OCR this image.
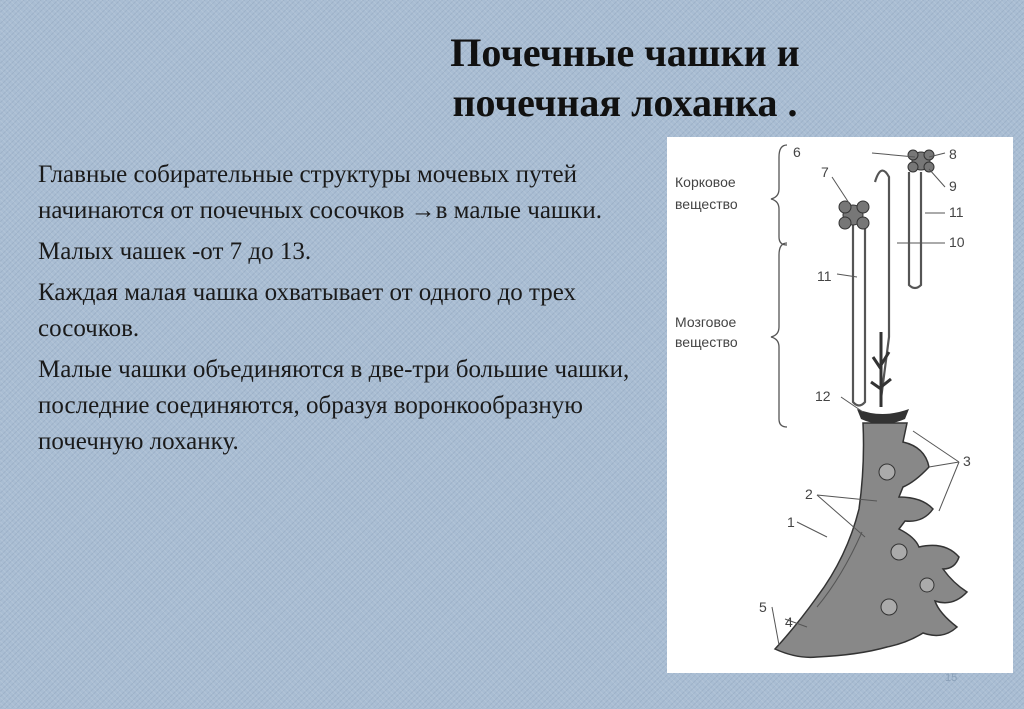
Почечные чашки и
почечная лоханка .

Главные собирательные структуры мочевых путей начинаются от почечных сосочков →в малые чашки.

Малых чашек -от 7 до 13.

Каждая малая чашка охватывает от одного до трех сосочков.

Малые чашки объединяются в две-три большие чашки, последние соединяются, образуя воронкообразную почечную лоханку.

Корковое
вещество
Мозговое
вещество
6
7
8
9
11
10
11
12
3
2
1
5
4
15
